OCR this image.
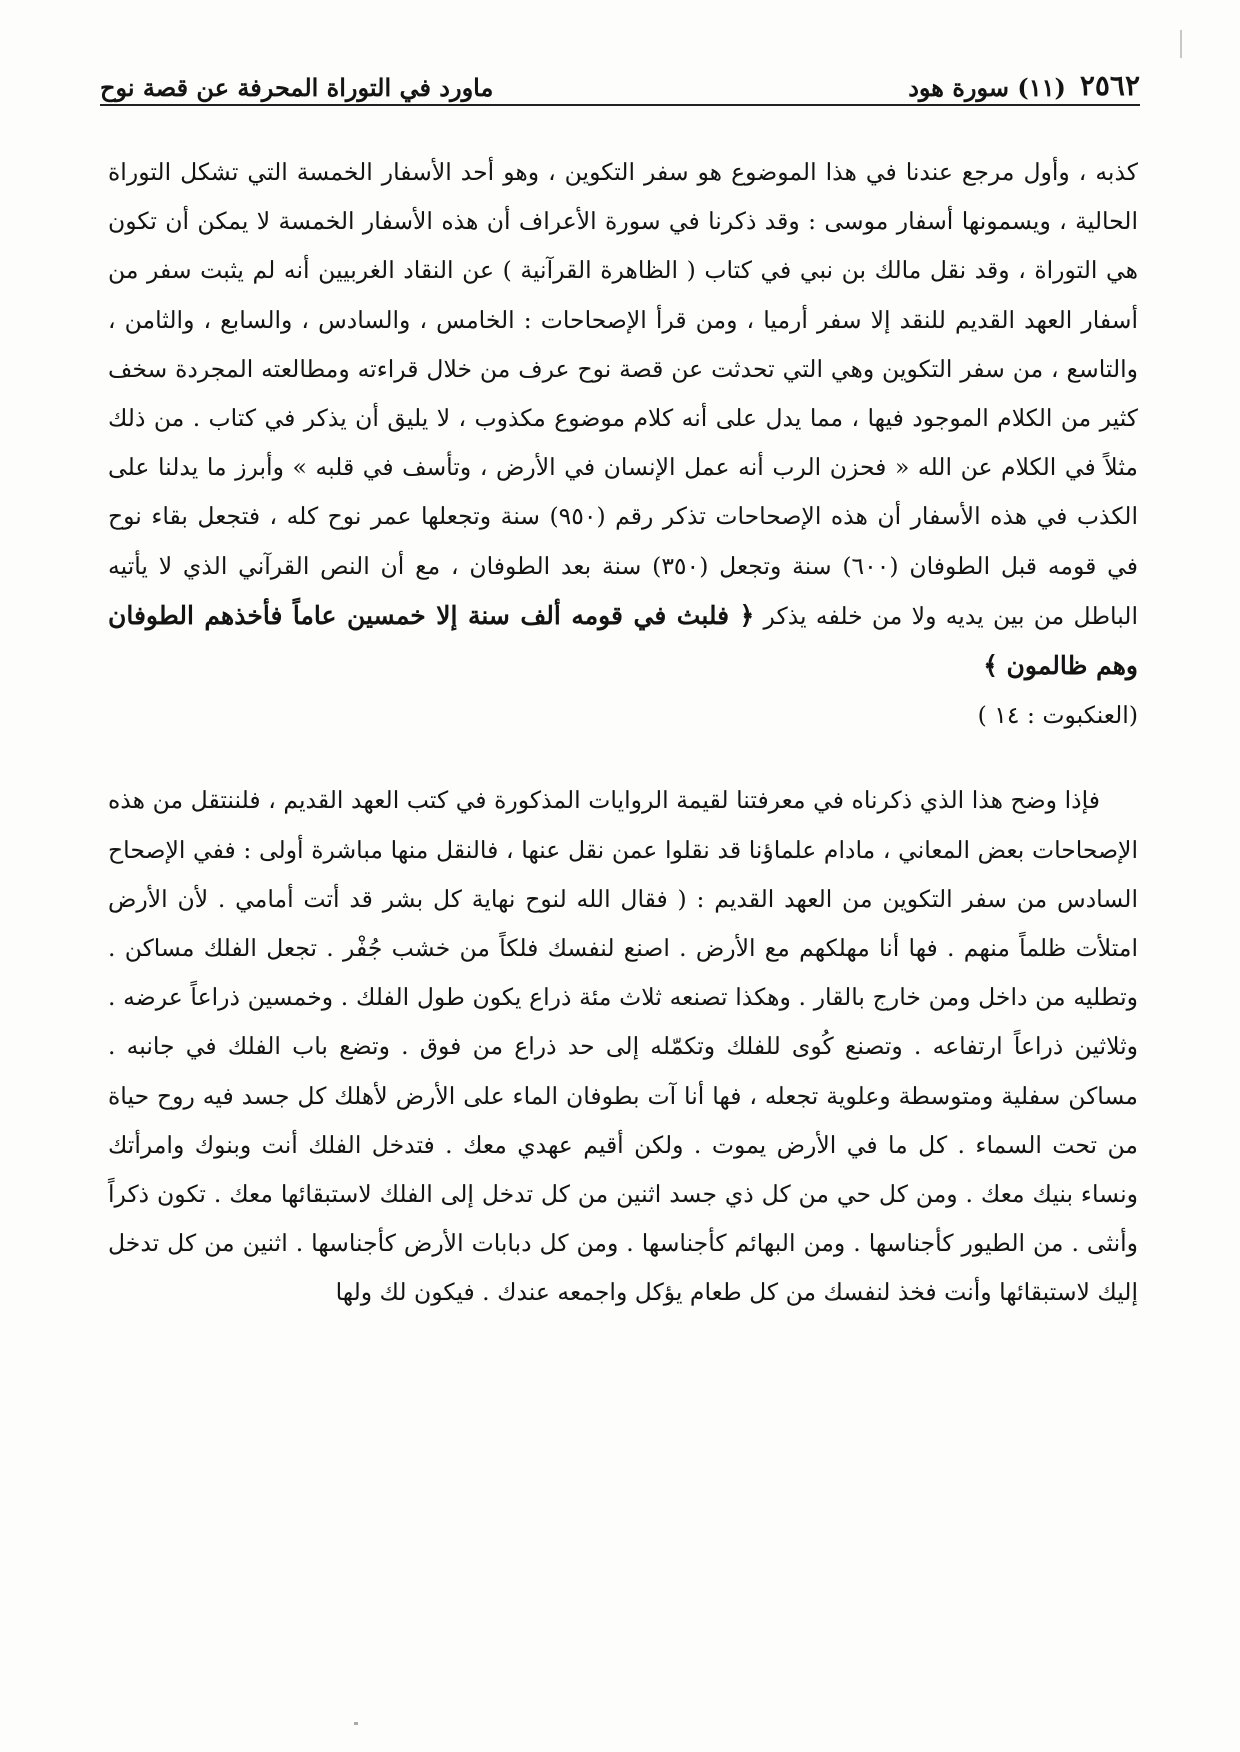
٢٥٦٢
(١١) سورة هود
ماورد في التوراة المحرفة عن قصة نوح

كذبه ، وأول مرجع عندنا في هذا الموضوع هو سفر التكوين ، وهو أحد الأسفار الخمسة التي تشكل التوراة الحالية ، ويسمونها أسفار موسى : وقد ذكرنا في سورة الأعراف أن هذه الأسفار الخمسة لا يمكن أن تكون هي التوراة ، وقد نقل مالك بن نبي في كتاب ( الظاهرة القرآنية ) عن النقاد الغربيين أنه لم يثبت سفر من أسفار العهد القديم للنقد إلا سفر أرميا ، ومن قرأ الإصحاحات : الخامس ، والسادس ، والسابع ، والثامن ، والتاسع ، من سفر التكوين وهي التي تحدثت عن قصة نوح عرف من خلال قراءته ومطالعته المجردة سخف كثير من الكلام الموجود فيها ، مما يدل على أنه كلام موضوع مكذوب ، لا يليق أن يذكر في كتاب . من ذلك مثلاً في الكلام عن الله « فحزن الرب أنه عمل الإنسان في الأرض ، وتأسف في قلبه » وأبرز ما يدلنا على الكذب في هذه الأسفار أن هذه الإصحاحات تذكر رقم (٩٥٠) سنة وتجعلها عمر نوح كله ، فتجعل بقاء نوح في قومه قبل الطوفان (٦٠٠) سنة وتجعل (٣٥٠) سنة بعد الطوفان ، مع أن النص القرآني الذي لا يأتيه الباطل من بين يديه ولا من خلفه يذكر ﴿ فلبث في قومه ألف سنة إلا خمسين عاماً فأخذهم الطوفان وهم ظالمون ﴾
(العنكبوت : ١٤ )

فإذا وضح هذا الذي ذكرناه في معرفتنا لقيمة الروايات المذكورة في كتب العهد القديم ، فلننتقل من هذه الإصحاحات بعض المعاني ، مادام علماؤنا قد نقلوا عمن نقل عنها ، فالنقل منها مباشرة أولى : ففي الإصحاح السادس من سفر التكوين من العهد القديم : ( فقال الله لنوح نهاية كل بشر قد أتت أمامي . لأن الأرض امتلأت ظلماً منهم . فها أنا مهلكهم مع الأرض . اصنع لنفسك فلكاً من خشب جُفْر . تجعل الفلك مساكن . وتطليه من داخل ومن خارج بالقار . وهكذا تصنعه ثلاث مئة ذراع يكون طول الفلك . وخمسين ذراعاً عرضه . وثلاثين ذراعاً ارتفاعه . وتصنع كُوى للفلك وتكمّله إلى حد ذراع من فوق . وتضع باب الفلك في جانبه . مساكن سفلية ومتوسطة وعلوية تجعله ، فها أنا آت بطوفان الماء على الأرض لأهلك كل جسد فيه روح حياة من تحت السماء . كل ما في الأرض يموت . ولكن أقيم عهدي معك . فتدخل الفلك أنت وبنوك وامرأتك ونساء بنيك معك . ومن كل حي من كل ذي جسد اثنين من كل تدخل إلى الفلك لاستبقائها معك . تكون ذكراً وأنثى . من الطيور كأجناسها . ومن البهائم كأجناسها . ومن كل دبابات الأرض كأجناسها . اثنين من كل تدخل إليك لاستبقائها وأنت فخذ لنفسك من كل طعام يؤكل واجمعه عندك . فيكون لك ولها
